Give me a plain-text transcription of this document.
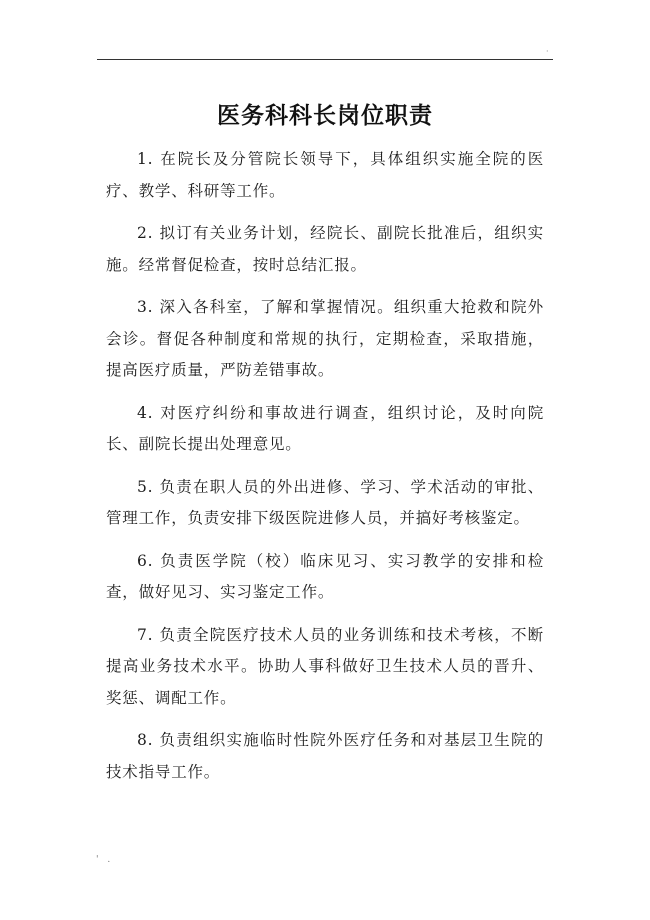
·
医务科科长岗位职责
1. 在院长及分管院长领导下，具体组织实施全院的医疗、教学、科研等工作。
2. 拟订有关业务计划，经院长、副院长批准后，组织实施。经常督促检查，按时总结汇报。
3. 深入各科室，了解和掌握情况。组织重大抢救和院外会诊。督促各种制度和常规的执行，定期检查，采取措施，提高医疗质量，严防差错事故。
4. 对医疗纠纷和事故进行调查，组织讨论，及时向院长、副院长提出处理意见。
5. 负责在职人员的外出进修、学习、学术活动的审批、管理工作，负责安排下级医院进修人员，并搞好考核鉴定。
6. 负责医学院（校）临床见习、实习教学的安排和检查，做好见习、实习鉴定工作。
7. 负责全院医疗技术人员的业务训练和技术考核，不断提高业务技术水平。协助人事科做好卫生技术人员的晋升、奖惩、调配工作。
8. 负责组织实施临时性院外医疗任务和对基层卫生院的技术指导工作。
' .
